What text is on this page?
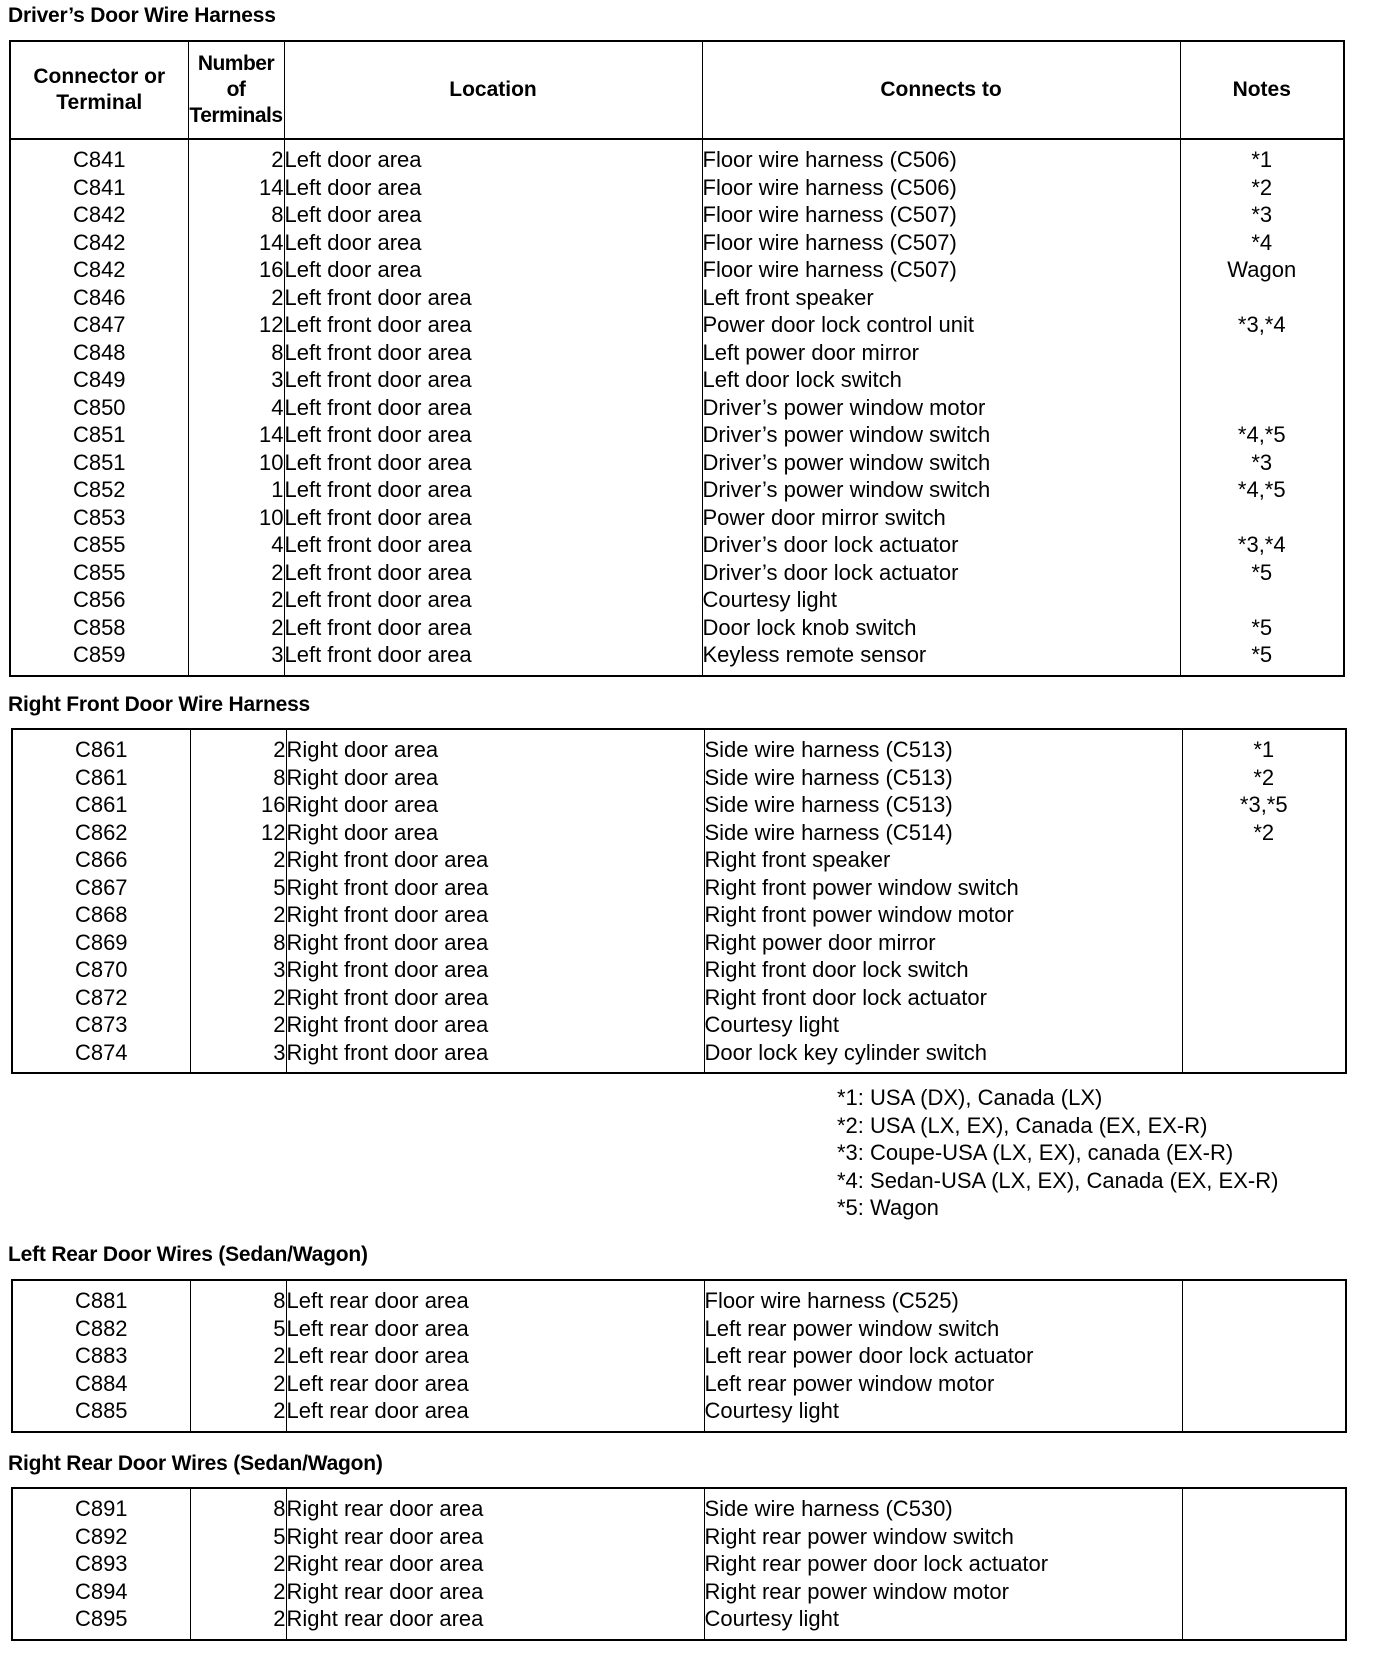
Driver’s Door Wire Harness
Connector or Terminal	Number of Terminals	Location	Connects to	Notes
C841	2	Left door area	Floor wire harness (C506)	*1
C841	14	Left door area	Floor wire harness (C506)	*2
C842	8	Left door area	Floor wire harness (C507)	*3
C842	14	Left door area	Floor wire harness (C507)	*4
C842	16	Left door area	Floor wire harness (C507)	Wagon
C846	2	Left front door area	Left front speaker	
C847	12	Left front door area	Power door lock control unit	*3,*4
C848	8	Left front door area	Left power door mirror	
C849	3	Left front door area	Left door lock switch	
C850	4	Left front door area	Driver’s power window motor	
C851	14	Left front door area	Driver’s power window switch	*4,*5
C851	10	Left front door area	Driver’s power window switch	*3
C852	1	Left front door area	Driver’s power window switch	*4,*5
C853	10	Left front door area	Power door mirror switch	
C855	4	Left front door area	Driver’s door lock actuator	*3,*4
C855	2	Left front door area	Driver’s door lock actuator	*5
C856	2	Left front door area	Courtesy light	
C858	2	Left front door area	Door lock knob switch	*5
C859	3	Left front door area	Keyless remote sensor	*5
Right Front Door Wire Harness
C861	2	Right door area	Side wire harness (C513)	*1
C861	8	Right door area	Side wire harness (C513)	*2
C861	16	Right door area	Side wire harness (C513)	*3,*5
C862	12	Right door area	Side wire harness (C514)	*2
C866	2	Right front door area	Right front speaker	
C867	5	Right front door area	Right front power window switch	
C868	2	Right front door area	Right front power window motor	
C869	8	Right front door area	Right power door mirror	
C870	3	Right front door area	Right front door lock switch	
C872	2	Right front door area	Right front door lock actuator	
C873	2	Right front door area	Courtesy light	
C874	3	Right front door area	Door lock key cylinder switch	
*1: USA (DX), Canada (LX)
*2: USA (LX, EX), Canada (EX, EX-R)
*3: Coupe-USA (LX, EX), canada (EX-R)
*4: Sedan-USA (LX, EX), Canada (EX, EX-R)
*5: Wagon
Left Rear Door Wires (Sedan/Wagon)
C881	8	Left rear door area	Floor wire harness (C525)	
C882	5	Left rear door area	Left rear power window switch	
C883	2	Left rear door area	Left rear power door lock actuator	
C884	2	Left rear door area	Left rear power window motor	
C885	2	Left rear door area	Courtesy light	
Right Rear Door Wires (Sedan/Wagon)
C891	8	Right rear door area	Side wire harness (C530)	
C892	5	Right rear door area	Right rear power window switch	
C893	2	Right rear door area	Right rear power door lock actuator	
C894	2	Right rear door area	Right rear power window motor	
C895	2	Right rear door area	Courtesy light	
